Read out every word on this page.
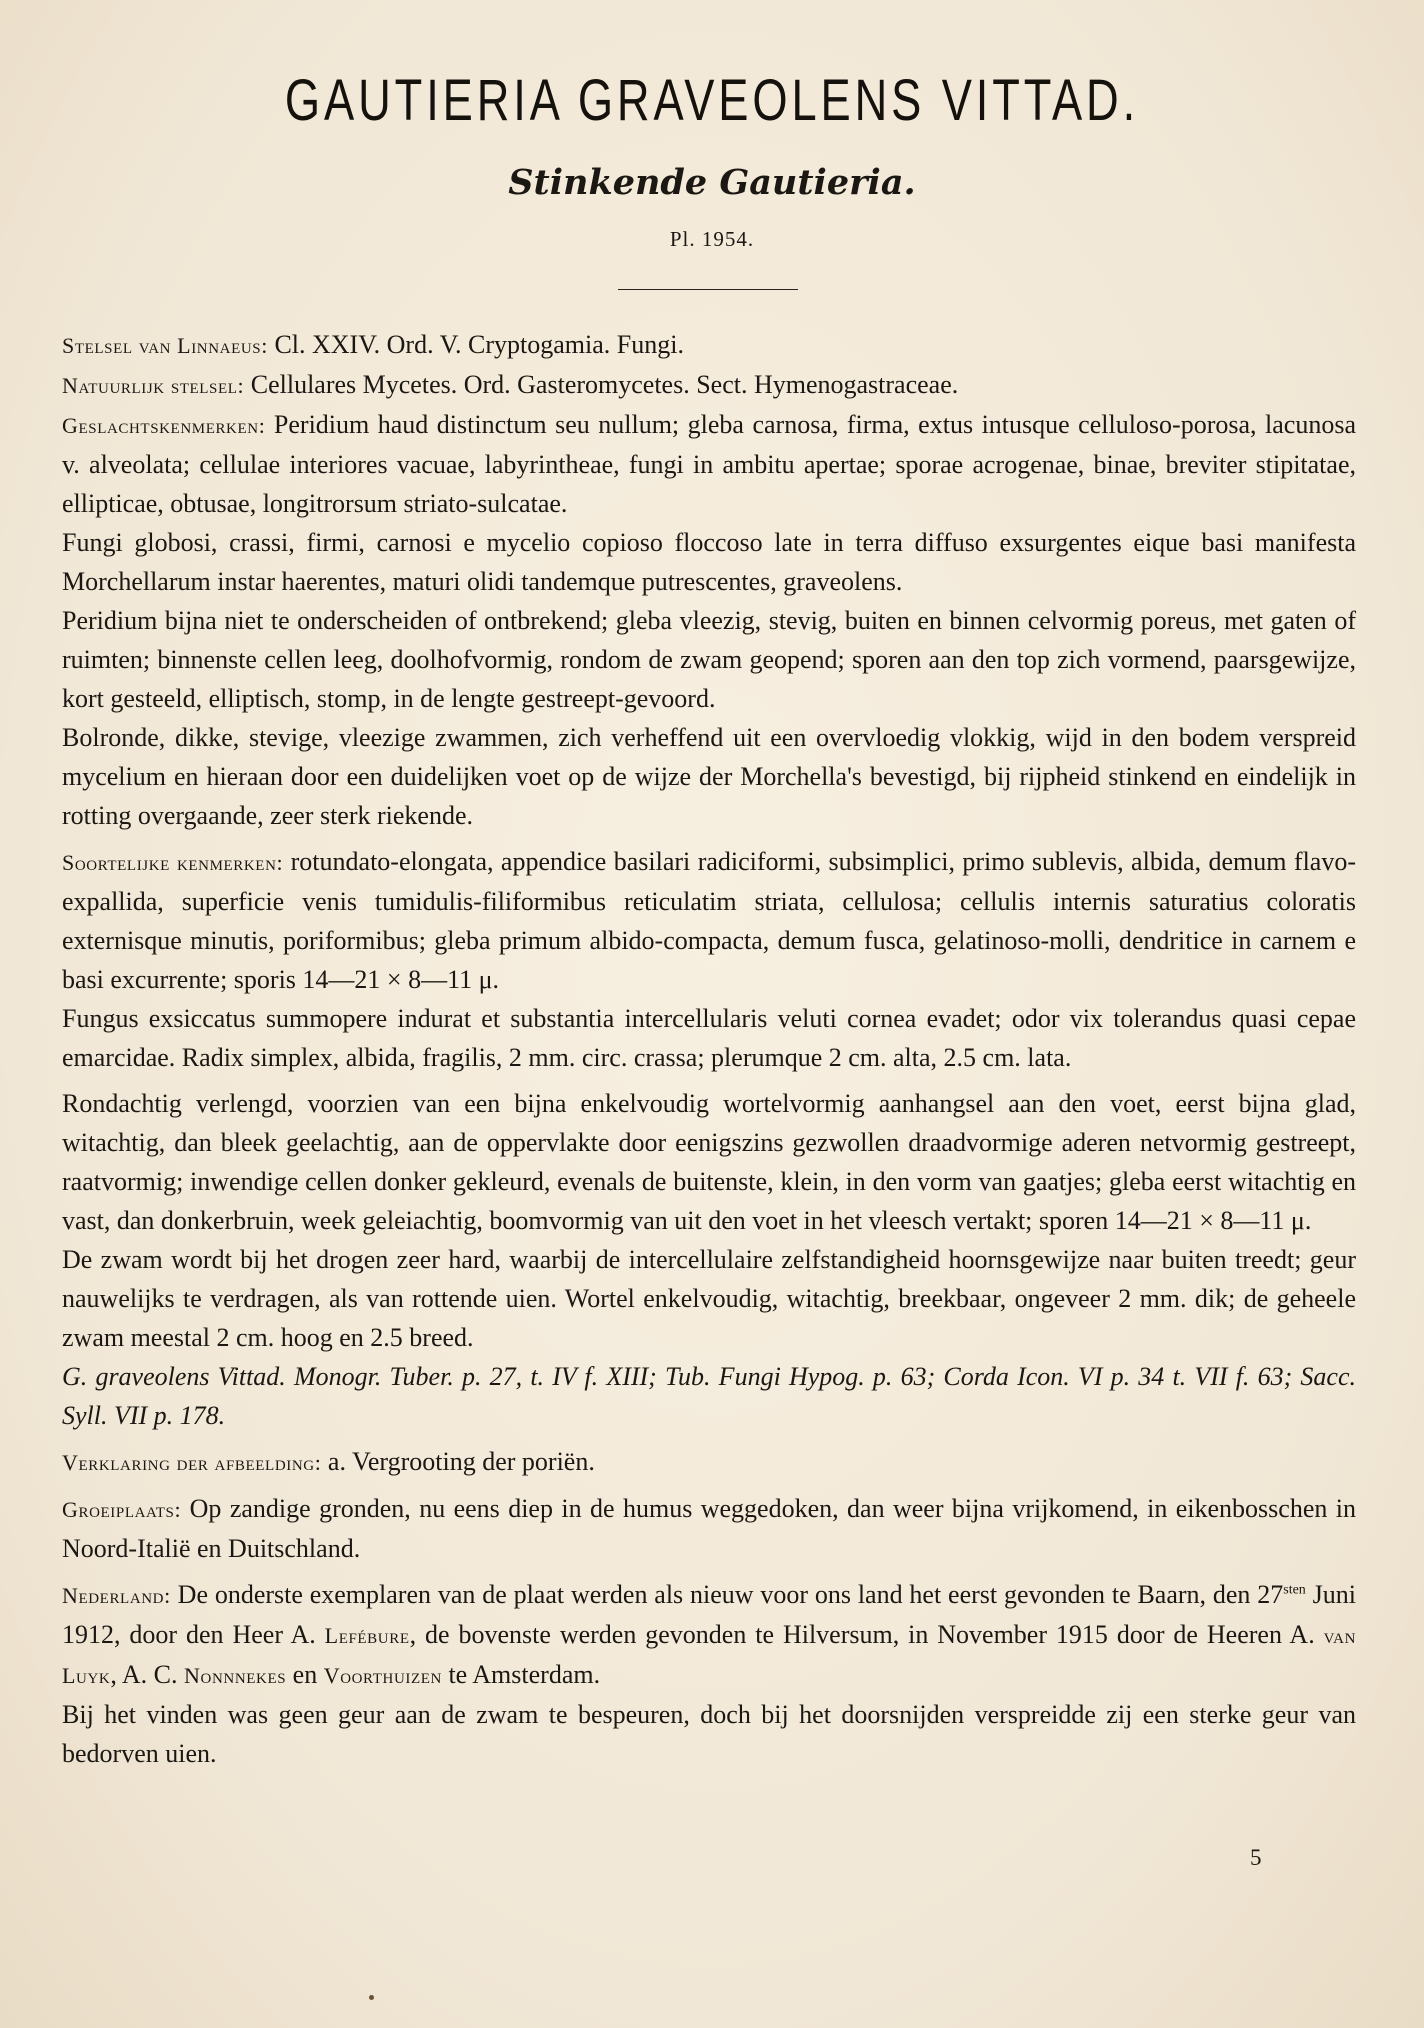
GAUTIERIA GRAVEOLENS VITTAD.
Stinkende Gautieria.
Pl. 1954.

Stelsel van Linnaeus: Cl. XXIV. Ord. V. Cryptogamia. Fungi.

Natuurlijk stelsel: Cellulares Mycetes. Ord. Gasteromycetes. Sect. Hymenogastraceae.

Geslachtskenmerken: Peridium haud distinctum seu nullum; gleba carnosa, firma, extus intusque celluloso-porosa, lacunosa v. alveolata; cellulae interiores vacuae, labyrintheae, fungi in ambitu apertae; sporae acrogenae, binae, breviter stipitatae, ellipticae, obtusae, longitrorsum striato-sulcatae.

Fungi globosi, crassi, firmi, carnosi e mycelio copioso floccoso late in terra diffuso exsurgentes eique basi manifesta Morchellarum instar haerentes, maturi olidi tandemque putrescentes, graveolens.

Peridium bijna niet te onderscheiden of ontbrekend; gleba vleezig, stevig, buiten en binnen celvormig poreus, met gaten of ruimten; binnenste cellen leeg, doolhofvormig, rondom de zwam geopend; sporen aan den top zich vormend, paarsgewijze, kort gesteeld, elliptisch, stomp, in de lengte gestreept-gevoord.

Bolronde, dikke, stevige, vleezige zwammen, zich verheffend uit een overvloedig vlokkig, wijd in den bodem verspreid mycelium en hieraan door een duidelijken voet op de wijze der Morchella's bevestigd, bij rijpheid stinkend en eindelijk in rotting overgaande, zeer sterk riekende.

Soortelijke kenmerken: rotundato-elongata, appendice basilari radiciformi, subsimplici, primo sublevis, albida, demum flavo-expallida, superficie venis tumidulis-filiformibus reticulatim striata, cellulosa; cellulis internis saturatius coloratis externisque minutis, poriformibus; gleba primum albido-compacta, demum fusca, gelatinoso-molli, dendritice in carnem e basi excurrente; sporis 14—21 × 8—11 μ.

Fungus exsiccatus summopere indurat et substantia intercellularis veluti cornea evadet; odor vix tolerandus quasi cepae emarcidae. Radix simplex, albida, fragilis, 2 mm. circ. crassa; plerumque 2 cm. alta, 2.5 cm. lata.

Rondachtig verlengd, voorzien van een bijna enkelvoudig wortelvormig aanhangsel aan den voet, eerst bijna glad, witachtig, dan bleek geelachtig, aan de oppervlakte door eenigszins gezwollen draadvormige aderen netvormig gestreept, raatvormig; inwendige cellen donker gekleurd, evenals de buitenste, klein, in den vorm van gaatjes; gleba eerst witachtig en vast, dan donkerbruin, week geleiachtig, boomvormig van uit den voet in het vleesch vertakt; sporen 14—21 × 8—11 μ.

De zwam wordt bij het drogen zeer hard, waarbij de intercellulaire zelfstandigheid hoornsgewijze naar buiten treedt; geur nauwelijks te verdragen, als van rottende uien. Wortel enkelvoudig, witachtig, breekbaar, ongeveer 2 mm. dik; de geheele zwam meestal 2 cm. hoog en 2.5 breed.

G. graveolens Vittad. Monogr. Tuber. p. 27, t. IV f. XIII; Tub. Fungi Hypog. p. 63; Corda Icon. VI p. 34 t. VII f. 63; Sacc. Syll. VII p. 178.

Verklaring der afbeelding: a. Vergrooting der poriën.

Groeiplaats: Op zandige gronden, nu eens diep in de humus weggedoken, dan weer bijna vrijkomend, in eikenbosschen in Noord-Italië en Duitschland.

Nederland: De onderste exemplaren van de plaat werden als nieuw voor ons land het eerst gevonden te Baarn, den $27^{sten}$ Juni 1912, door den Heer A. Lefébure, de bovenste werden gevonden te Hilversum, in November 1915 door de Heeren A. van Luyk, A. C. Nonnnekes en Voorthuizen te Amsterdam.

Bij het vinden was geen geur aan de zwam te bespeuren, doch bij het doorsnijden verspreidde zij een sterke geur van bedorven uien.

5
